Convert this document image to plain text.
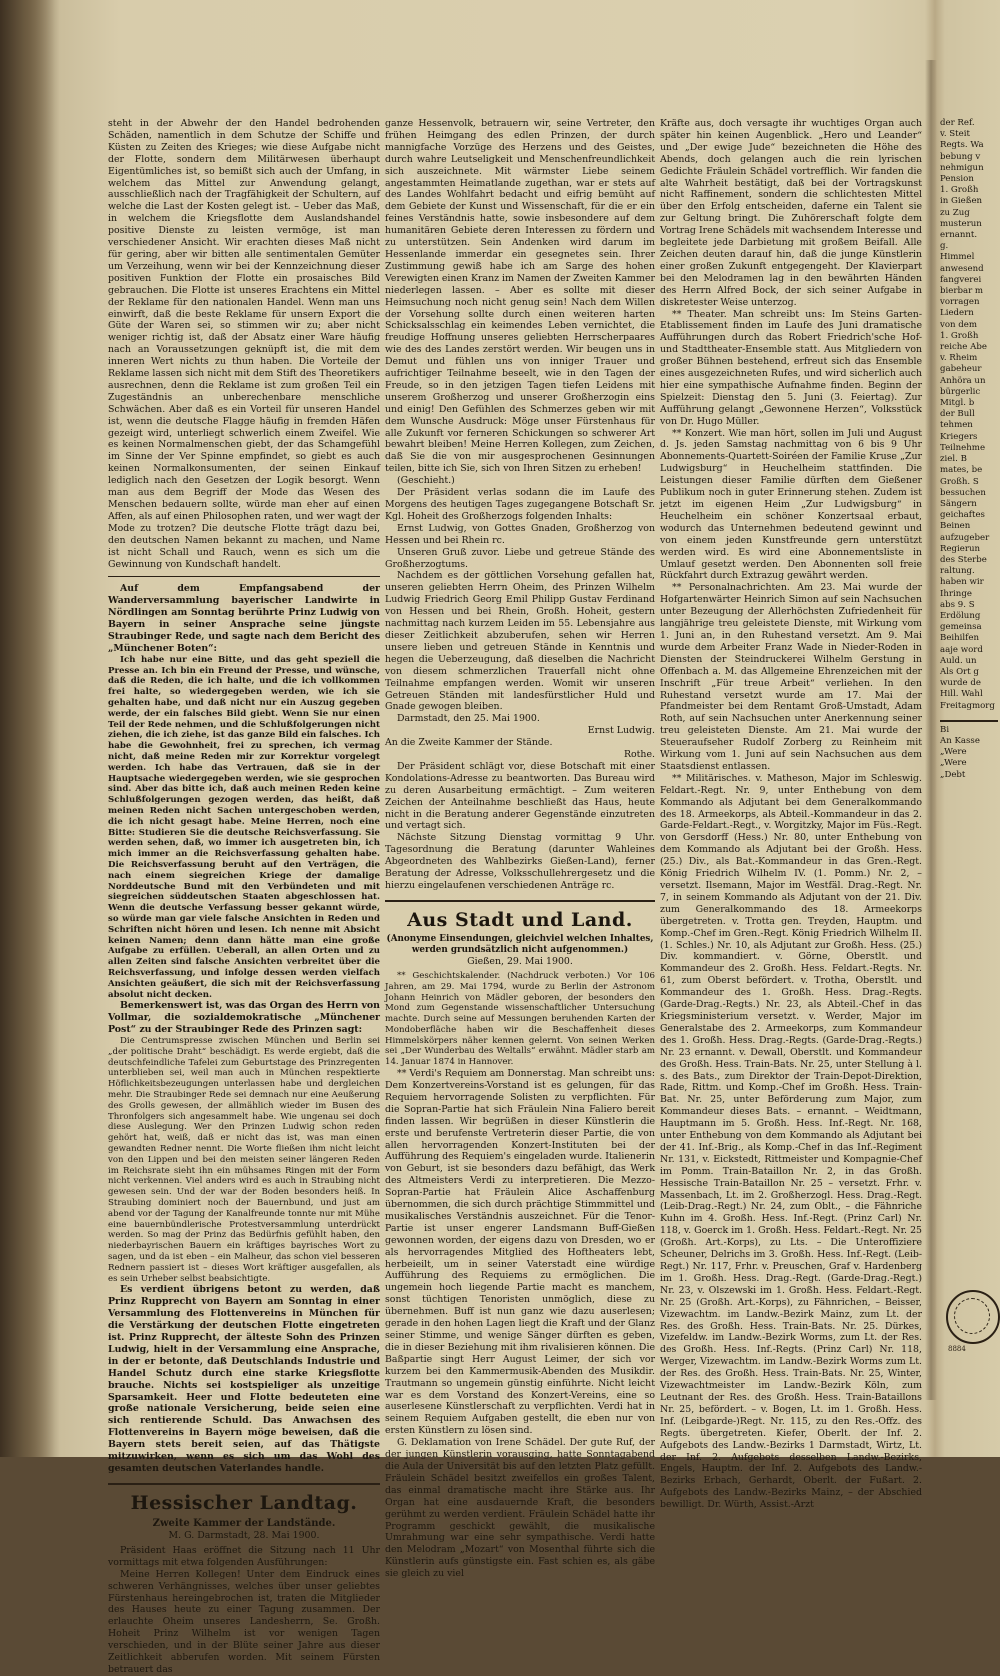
steht in der Abwehr der den Handel bedrohenden Schäden, namentlich in dem Schutze der Schiffe und Küsten zu Zeiten des Krieges; wie diese Aufgabe nicht der Flotte, sondern dem Militärwesen überhaupt Eigentümliches ist, so bemißt sich auch der Umfang, in welchem das Mittel zur Anwendung gelangt, ausschließlich nach der Tragfähigkeit der Schultern, auf welche die Last der Kosten gelegt ist. – Ueber das Maß, in welchem die Kriegsflotte dem Auslandshandel positive Dienste zu leisten vermöge, ist man verschiedener Ansicht. Wir erachten dieses Maß nicht für gering, aber wir bitten alle sentimentalen Gemüter um Verzeihung, wenn wir bei der Kennzeichnung dieser positiven Funktion der Flotte ein prosaisches Bild gebrauchen. Die Flotte ist unseres Erachtens ein Mittel der Reklame für den nationalen Handel. Wenn man uns einwirft, daß die beste Reklame für unsern Export die Güte der Waren sei, so stimmen wir zu; aber nicht weniger richtig ist, daß der Absatz einer Ware häufig nach an Voraussetzungen geknüpft ist, die mit dem inneren Wert nichts zu thun haben. Die Vorteile der Reklame lassen sich nicht mit dem Stift des Theoretikers ausrechnen, denn die Reklame ist zum großen Teil ein Zugeständnis an unberechenbare menschliche Schwächen. Aber daß es ein Vorteil für unseren Handel ist, wenn die deutsche Flagge häufig in fremden Häfen gezeigt wird, unterliegt schwerlich einem Zweifel. Wie es keinen Normalmenschen giebt, der das Schamgefühl im Sinne der Ver Spinne empfindet, so giebt es auch keinen Normalkonsumenten, der seinen Einkauf lediglich nach den Gesetzen der Logik besorgt. Wenn man aus dem Begriff der Mode das Wesen des Menschen bedauern sollte, würde man eher auf einen Affen, als auf einen Philosophen raten, und wer wagt der Mode zu trotzen? Die deutsche Flotte trägt dazu bei, den deutschen Namen bekannt zu machen, und Name ist nicht Schall und Rauch, wenn es sich um die Gewinnung von Kundschaft handelt.

Auf dem Empfangsabend der Wanderversammlung bayerischer Landwirte in Nördlingen am Sonntag berührte Prinz Ludwig von Bayern in seiner Ansprache seine jüngste Straubinger Rede, und sagte nach dem Bericht des „Münchener Boten“:

Ich habe nur eine Bitte, und das geht speziell die Presse an. Ich bin ein Freund der Presse, und wünsche, daß die Reden, die ich halte, und die ich vollkommen frei halte, so wiedergegeben werden, wie ich sie gehalten habe, und daß nicht nur ein Auszug gegeben werde, der ein falsches Bild giebt. Wenn Sie nur einen Teil der Rede nehmen, und die Schlußfolgerungen nicht ziehen, die ich ziehe, ist das ganze Bild ein falsches. Ich habe die Gewohnheit, frei zu sprechen, ich vermag nicht, daß meine Reden mir zur Korrektur vorgelegt werden. Ich habe das Vertrauen, daß sie in der Hauptsache wiedergegeben werden, wie sie gesprochen sind. Aber das bitte ich, daß auch meinen Reden keine Schlußfolgerungen gezogen werden, das heißt, daß meinen Reden nicht Sachen untergeschoben werden, die ich nicht gesagt habe. Meine Herren, noch eine Bitte: Studieren Sie die deutsche Reichsverfassung. Sie werden sehen, daß, wo immer ich ausgetreten bin, ich mich immer an die Reichsverfassung gehalten habe. Die Reichsverfassung beruht auf den Verträgen, die nach einem siegreichen Kriege der damalige Norddeutsche Bund mit den Verbündeten und mit siegreichen süddeutschen Staaten abgeschlossen hat. Wenn die deutsche Verfassung besser gekannt würde, so würde man gar viele falsche Ansichten in Reden und Schriften nicht hören und lesen. Ich nenne mit Absicht keinen Namen; denn dann hätte man eine große Aufgabe zu erfüllen. Ueberall, an allen Orten und zu allen Zeiten sind falsche Ansichten verbreitet über die Reichsverfassung, und infolge dessen werden vielfach Ansichten geäußert, die sich mit der Reichsverfassung absolut nicht decken.

Bemerkenswert ist, was das Organ des Herrn von Vollmar, die sozialdemokratische „Münchener Post“ zu der Straubinger Rede des Prinzen sagt:

Die Centrumspresse zwischen München und Berlin sei „der politische Draht“ beschädigt. Es werde ergiebt, daß die deutschfeindliche Tafelei zum Geburtstage des Prinzregenten unterblieben sei, weil man auch in München respektierte Höflichkeitsbezeugungen unterlassen habe und dergleichen mehr. Die Straubinger Rede sei demnach nur eine Aeußerung des Grolls gewesen, der allmählich wieder im Busen des Thronfolgers sich angesammelt habe. Wie ungenau sei doch diese Auslegung. Wer den Prinzen Ludwig schon reden gehört hat, weiß, daß er nicht das ist, was man einen gewandten Redner nennt. Die Worte fließen ihm nicht leicht von den Lippen und bei den meisten seiner längeren Reden im Reichsrate sieht ihn ein mühsames Ringen mit der Form nicht verkennen. Viel anders wird es auch in Straubing nicht gewesen sein. Und der war der Boden besonders heiß. In Straubing dominiert noch der Bauernbund, und just am abend vor der Tagung der Kanalfreunde tonnte nur mit Mühe eine bauernbündlerische Protestversammlung unterdrückt werden. So mag der Prinz das Bedürfnis gefühlt haben, den niederbayrischen Bauern ein kräftiges bayrisches Wort zu sagen, und da ist eben – ein Malheur, das schon viel besseren Rednern passiert ist – dieses Wort kräftiger ausgefallen, als es sein Urheber selbst beabsichtigte.

Es verdient übrigens betont zu werden, daß Prinz Rupprecht von Bayern am Sonntag in einer Versammlung des Flottenvereins in München für die Verstärkung der deutschen Flotte eingetreten ist. Prinz Rupprecht, der älteste Sohn des Prinzen Ludwig, hielt in der Versammlung eine Ansprache, in der er betonte, daß Deutschlands Industrie und Handel Schutz durch eine starke Kriegsflotte brauche. Nichts sei kostspieliger als unzeitige Sparsamkeit. Heer und Flotte bedeuteten eine große nationale Versicherung, beide seien eine sich rentierende Schuld. Das Anwachsen des Flottenvereins in Bayern möge beweisen, daß die Bayern stets bereit seien, auf das Thätigste mitzuwirken, wenn es sich um das Wohl des gesamten deutschen Vaterlandes handle.

Hessischer Landtag.
Zweite Kammer der Landstände.
M. G. Darmstadt, 28. Mai 1900.

Präsident Haas eröffnet die Sitzung nach 11 Uhr vormittags mit etwa folgenden Ausführungen:

Meine Herren Kollegen! Unter dem Eindruck eines schweren Verhängnisses, welches über unser geliebtes Fürstenhaus hereingebrochen ist, traten die Mitglieder des Hauses heute zu einer Tagung zusammen. Der erlauchte Oheim unseres Landesherrn, Se. Großh. Hoheit Prinz Wilhelm ist vor wenigen Tagen verschieden, und in der Blüte seiner Jahre aus dieser Zeitlichkeit abberufen worden. Mit seinem Fürsten betrauert das

ganze Hessenvolk, betrauern wir, seine Vertreter, den frühen Heimgang des edlen Prinzen, der durch mannigfache Vorzüge des Herzens und des Geistes, durch wahre Leutseligkeit und Menschenfreundlichkeit sich auszeichnete. Mit wärmster Liebe seinem angestammten Heimatlande zugethan, war er stets auf des Landes Wohlfahrt bedacht und eifrig bemüht auf dem Gebiete der Kunst und Wissenschaft, für die er ein feines Verständnis hatte, sowie insbesondere auf dem humanitären Gebiete deren Interessen zu fördern und zu unterstützen. Sein Andenken wird darum im Hessenlande immerdar ein gesegnetes sein. Ihrer Zustimmung gewiß habe ich am Sarge des hohen Verewigten einen Kranz im Namen der Zweiten Kammer niederlegen lassen. – Aber es sollte mit dieser Heimsuchung noch nicht genug sein! Nach dem Willen der Vorsehung sollte durch einen weiteren harten Schicksalsschlag ein keimendes Leben vernichtet, die freudige Hoffnung unseres geliebten Herrscherpaares wie des des Landes zerstört werden. Wir beugen uns in Demut und fühlen uns von inniger Trauer und aufrichtiger Teilnahme beseelt, wie in den Tagen der Freude, so in den jetzigen Tagen tiefen Leidens mit unserem Großherzog und unserer Großherzogin eins und einig! Den Gefühlen des Schmerzes geben wir mit dem Wunsche Ausdruck: Möge unser Fürstenhaus für alle Zukunft vor ferneren Schickungen so schwerer Art bewahrt bleiben! Meine Herren Kollegen, zum Zeichen, daß Sie die von mir ausgesprochenen Gesinnungen teilen, bitte ich Sie, sich von Ihren Sitzen zu erheben!

(Geschieht.)

Der Präsident verlas sodann die im Laufe des Morgens des heutigen Tages zugegangene Botschaft Sr. Kgl. Hoheit des Großherzogs folgenden Inhalts:

Ernst Ludwig, von Gottes Gnaden, Großherzog von Hessen und bei Rhein rc.

Unseren Gruß zuvor. Liebe und getreue Stände des Großherzogtums.

Nachdem es der göttlichen Vorsehung gefallen hat, unseren geliebten Herrn Oheim, des Prinzen Wilhelm Ludwig Friedrich Georg Emil Philipp Gustav Ferdinand von Hessen und bei Rhein, Großh. Hoheit, gestern nachmittag nach kurzem Leiden im 55. Lebensjahre aus dieser Zeitlichkeit abzuberufen, sehen wir Herren unsere lieben und getreuen Stände in Kenntnis und hegen die Ueberzeugung, daß dieselben die Nachricht von diesem schmerzlichen Trauerfall nicht ohne Teilnahme empfangen werden. Womit wir unseren Getreuen Ständen mit landesfürstlicher Huld und Gnade gewogen bleiben.

Darmstadt, den 25. Mai 1900.

Ernst Ludwig.

An die Zweite Kammer der Stände.

Rothe.

Der Präsident schlägt vor, diese Botschaft mit einer Kondolations-Adresse zu beantworten. Das Bureau wird zu deren Ausarbeitung ermächtigt. – Zum weiteren Zeichen der Anteilnahme beschließt das Haus, heute nicht in die Beratung anderer Gegenstände einzutreten und vertagt sich.

Nächste Sitzung Dienstag vormittag 9 Uhr. Tagesordnung die Beratung (darunter Wahleines Abgeordneten des Wahlbezirks Gießen-Land), ferner Beratung der Adresse, Volksschullehrergesetz und die hierzu eingelaufenen verschiedenen Anträge rc.

Aus Stadt und Land.
(Anonyme Einsendungen, gleichviel welchen Inhaltes, werden grundsätzlich nicht aufgenommen.)
Gießen, 29. Mai 1900.

** Geschichtskalender. (Nachdruck verboten.) Vor 106 Jahren, am 29. Mai 1794, wurde zu Berlin der Astronom Johann Heinrich von Mädler geboren, der besonders den Mond zum Gegenstande wissenschaftlicher Untersuchung machte. Durch seine auf Messungen beruhenden Karten der Mondoberfläche haben wir die Beschaffenheit dieses Himmelskörpers näher kennen gelernt. Von seinen Werken sei „Der Wunderbau des Weltalls“ erwähnt. Mädler starb am 14. Januar 1874 in Hannover.

** Verdi's Requiem am Donnerstag. Man schreibt uns: Dem Konzertvereins-Vorstand ist es gelungen, für das Requiem hervorragende Solisten zu verpflichten. Für die Sopran-Partie hat sich Fräulein Nina Faliero bereit finden lassen. Wir begrüßen in dieser Künstlerin die erste und berufenste Vertreterin dieser Partie, die von allen hervorragenden Konzert-Instituten bei der Aufführung des Requiem's eingeladen wurde. Italienerin von Geburt, ist sie besonders dazu befähigt, das Werk des Altmeisters Verdi zu interpretieren. Die Mezzo-Sopran-Partie hat Fräulein Alice Aschaffenburg übernommen, die sich durch prächtige Stimmmittel und musikalisches Verständnis auszeichnet. Für die Tenor-Partie ist unser engerer Landsmann Buff-Gießen gewonnen worden, der eigens dazu von Dresden, wo er als hervorragendes Mitglied des Hoftheaters lebt, herbeieilt, um in seiner Vaterstadt eine würdige Aufführung des Requiems zu ermöglichen. Die ungemein hoch liegende Partie macht es manchem, sonst tüchtigen Tenoristen unmöglich, diese zu übernehmen. Buff ist nun ganz wie dazu auserlesen; gerade in den hohen Lagen liegt die Kraft und der Glanz seiner Stimme, und wenige Sänger dürften es geben, die in dieser Beziehung mit ihm rivalisieren können. Die Baßpartie singt Herr August Leimer, der sich vor kurzem bei den Kammermusik-Abenden des Musikdir. Trautmann so ungemein günstig einführte. Nicht leicht war es dem Vorstand des Konzert-Vereins, eine so auserlesene Künstlerschaft zu verpflichten. Verdi hat in seinem Requiem Aufgaben gestellt, die eben nur von ersten Künstlern zu lösen sind.

G. Deklamation von Irene Schädel. Der gute Ruf, der der jungen Künstlerin vorausging, hatte Sonntagabend die Aula der Universität bis auf den letzten Platz gefüllt. Fräulein Schädel besitzt zweifellos ein großes Talent, das einmal dramatische macht ihre Stärke aus. Ihr Organ hat eine ausdauernde Kraft, die besonders gerühmt zu werden verdient. Fräulein Schädel hatte ihr Programm geschickt gewählt, die musikalische Umrahmung war eine sehr sympathische. Verdi hatte den Melodram „Mozart“ von Mosenthal führte sich die Künstlerin aufs günstigste ein. Fast schien es, als gäbe sie gleich zu viel

Kräfte aus, doch versagte ihr wuchtiges Organ auch später hin keinen Augenblick. „Hero und Leander“ und „Der ewige Jude“ bezeichneten die Höhe des Abends, doch gelangen auch die rein lyrischen Gedichte Fräulein Schädel vortrefflich. Wir fanden die alte Wahrheit bestätigt, daß bei der Vortragskunst nicht Raffinement, sondern die schlichtesten Mittel über den Erfolg entscheiden, daferne ein Talent sie zur Geltung bringt. Die Zuhörerschaft folgte dem Vortrag Irene Schädels mit wachsendem Interesse und begleitete jede Darbietung mit großem Beifall. Alle Zeichen deuten darauf hin, daß die junge Künstlerin einer großen Zukunft entgegengeht. Der Klavierpart bei den Melodramen lag in den bewährten Händen des Herrn Alfred Bock, der sich seiner Aufgabe in diskretester Weise unterzog.

** Theater. Man schreibt uns: Im Steins Garten-Etablissement finden im Laufe des Juni dramatische Aufführungen durch das Robert Friedrich'sche Hof- und Stadttheater-Ensemble statt. Aus Mitgliedern von großer Bühnen bestehend, erfreut sich das Ensemble eines ausgezeichneten Rufes, und wird sicherlich auch hier eine sympathische Aufnahme finden. Beginn der Spielzeit: Dienstag den 5. Juni (3. Feiertag). Zur Aufführung gelangt „Gewonnene Herzen“, Volksstück von Dr. Hugo Müller.

** Konzert. Wie man hört, sollen im Juli und August d. Js. jeden Samstag nachmittag von 6 bis 9 Uhr Abonnements-Quartett-Soiréen der Familie Kruse „Zur Ludwigsburg“ in Heuchelheim stattfinden. Die Leistungen dieser Familie dürften dem Gießener Publikum noch in guter Erinnerung stehen. Zudem ist jetzt im eigenen Heim „Zur Ludwigsburg“ in Heuchelheim ein schöner Konzertsaal erbaut, wodurch das Unternehmen bedeutend gewinnt und von einem jeden Kunstfreunde gern unterstützt werden wird. Es wird eine Abonnementsliste in Umlauf gesetzt werden. Den Abonnenten soll freie Rückfahrt durch Extrazug gewährt werden.

** Personalnachrichten. Am 23. Mai wurde der Hofgartenwärter Heinrich Simon auf sein Nachsuchen unter Bezeugung der Allerhöchsten Zufriedenheit für langjährige treu geleistete Dienste, mit Wirkung vom 1. Juni an, in den Ruhestand versetzt. Am 9. Mai wurde dem Arbeiter Franz Wade in Nieder-Roden in Diensten der Steindruckerei Wilhelm Gerstung in Offenbach a. M. das Allgemeine Ehrenzeichen mit der Inschrift „Für treue Arbeit“ verliehen. In den Ruhestand versetzt wurde am 17. Mai der Pfandmeister bei dem Rentamt Groß-Umstadt, Adam Roth, auf sein Nachsuchen unter Anerkennung seiner treu geleisteten Dienste. Am 21. Mai wurde der Steueraufseher Rudolf Zorberg zu Reinheim mit Wirkung vom 1. Juni auf sein Nachsuchen aus dem Staatsdienst entlassen.

** Militärisches. v. Matheson, Major im Schleswig. Feldart.-Regt. Nr. 9, unter Enthebung von dem Kommando als Adjutant bei dem Generalkommando des 18. Armeekorps, als Abteil.-Kommandeur in das 2. Garde-Feldart.-Regt., v. Worgitzky, Major im Füs.-Regt. von Gersdorff (Hess.) Nr. 80, unter Enthebung von dem Kommando als Adjutant bei der Großh. Hess. (25.) Div., als Bat.-Kommandeur in das Gren.-Regt. König Friedrich Wilhelm IV. (1. Pomm.) Nr. 2, – versetzt. Ilsemann, Major im Westfäl. Drag.-Regt. Nr. 7, in seinem Kommando als Adjutant von der 21. Div. zum Generalkommando des 18. Armeekorps übergetreten. v. Trotta gen. Treyden, Hauptm. und Komp.-Chef im Gren.-Regt. König Friedrich Wilhelm II. (1. Schles.) Nr. 10, als Adjutant zur Großh. Hess. (25.) Div. kommandiert. v. Görne, Oberstlt. und Kommandeur des 2. Großh. Hess. Feldart.-Regts. Nr. 61, zum Oberst befördert. v. Trotha, Oberstlt. und Kommandeur des 1. Großh. Hess. Drag.-Regts. (Garde-Drag.-Regts.) Nr. 23, als Abteil.-Chef in das Kriegsministerium versetzt. v. Werder, Major im Generalstabe des 2. Armeekorps, zum Kommandeur des 1. Großh. Hess. Drag.-Regts. (Garde-Drag.-Regts.) Nr. 23 ernannt. v. Dewall, Oberstlt. und Kommandeur des Großh. Hess. Train-Bats. Nr. 25, unter Stellung à l. s. des Bats., zum Direktor der Train-Depot-Direktion, Rade, Rittm. und Komp.-Chef im Großh. Hess. Train-Bat. Nr. 25, unter Beförderung zum Major, zum Kommandeur dieses Bats. – ernannt. – Weidtmann, Hauptmann im 5. Großh. Hess. Inf.-Regt. Nr. 168, unter Enthebung von dem Kommando als Adjutant bei der 41. Inf.-Brig., als Komp.-Chef in das Inf.-Regiment Nr. 131, v. Eickstedt, Rittmeister und Kompagnie-Chef im Pomm. Train-Bataillon Nr. 2, in das Großh. Hessische Train-Bataillon Nr. 25 – versetzt. Frhr. v. Massenbach, Lt. im 2. Großherzogl. Hess. Drag.-Regt. (Leib-Drag.-Regt.) Nr. 24, zum Oblt., – die Fähnriche Kuhn im 4. Großh. Hess. Inf.-Regt. (Prinz Carl) Nr. 118, v. Goerck im 1. Großh. Hess. Feldart.-Regt. Nr. 25 (Großh. Art.-Korps), zu Lts. – Die Unteroffiziere Scheuner, Delrichs im 3. Großh. Hess. Inf.-Regt. (Leib-Regt.) Nr. 117, Frhr. v. Preuschen, Graf v. Hardenberg im 1. Großh. Hess. Drag.-Regt. (Garde-Drag.-Regt.) Nr. 23, v. Olszewski im 1. Großh. Hess. Feldart.-Regt. Nr. 25 (Großh. Art.-Korps), zu Fähnrichen, – Beisser, Vizewachtm. im Landw.-Bezirk Mainz, zum Lt. der Res. des Großh. Hess. Train-Bats. Nr. 25. Dürkes, Vizefeldw. im Landw.-Bezirk Worms, zum Lt. der Res. des Großh. Hess. Inf.-Regts. (Prinz Carl) Nr. 118, Werger, Vizewachtm. im Landw.-Bezirk Worms zum Lt. der Res. des Großh. Hess. Train-Bats. Nr. 25, Winter, Vizewachtmeister im Landw.-Bezirk Köln, zum Leutnant der Res. des Großh. Hess. Train-Bataillons Nr. 25, befördert. – v. Bogen, Lt. im 1. Großh. Hess. Inf. (Leibgarde-)Regt. Nr. 115, zu den Res.-Offz. des Regts. übergetreten. Kiefer, Oberlt. der Inf. 2. Aufgebots des Landw.-Bezirks 1 Darmstadt, Wirtz, Lt. der Inf. 2. Aufgebots desselben Landw.-Bezirks, Engels, Hauptm. der Inf. 2. Aufgebots des Landw.-Bezirks Erbach, Gerhardt, Oberlt. der Fußart. 2. Aufgebots des Landw.-Bezirks Mainz, – der Abschied bewilligt. Dr. Würth, Assist.-Arzt

der Ref.
v. Steit
Regts. Wa
bebung v
nehmigun
Pension
1. Großh
in Gießen
zu Zug
musterun
ernannt.
g.
Himmel
anwesend
fangverei
bierbar m
vorragen
Liedern
von dem
1. Großh
reiche Abe
v. Rheim
gabeheur
Anhöra un
bürgerlic
Mitgl. b
der Bull
tehmen
Kriegers
Teilnehme
ziel. B
mates, be
Großh. S
bessuchen
Sängern
geichaftes
Beinen
aufzugeber
Regierun
des Sterbe
raltung.
haben wir
Ihringe
abs 9. S
Erdölung
gemeinsa
Beihilfen
aaje word
Auld. un
Als Ort g
wurde de
Hill. Wahl
Freitagmorg
Bi
An Kasse
„Were
„Were
„Debt
8884
